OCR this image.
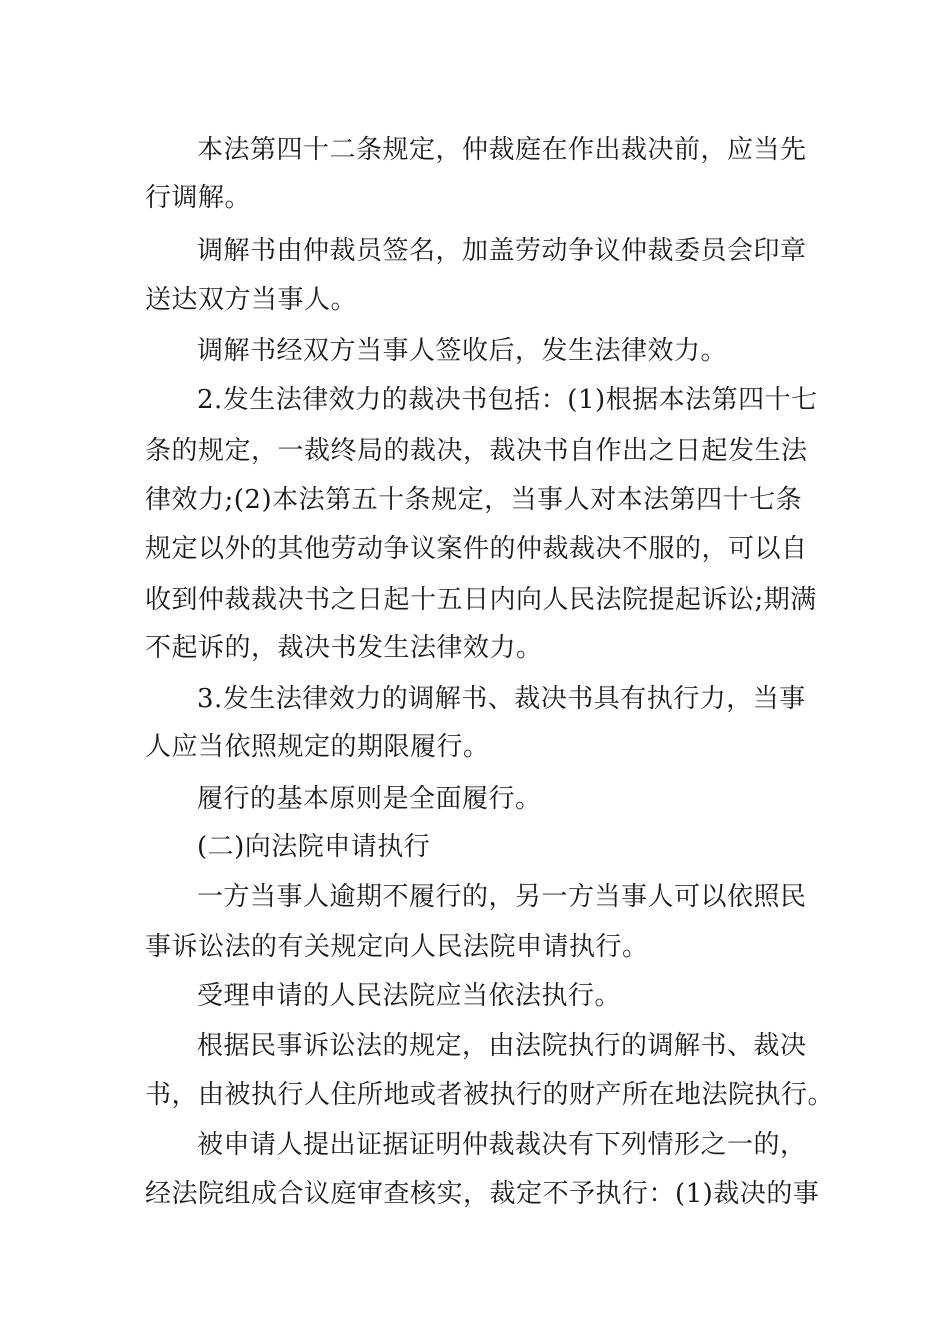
本法第四十二条规定，仲裁庭在作出裁决前，应当先
行调解。
调解书由仲裁员签名，加盖劳动争议仲裁委员会印章
送达双方当事人。
调解书经双方当事人签收后，发生法律效力。
2.发生法律效力的裁决书包括：(1)根据本法第四十七
条的规定，一裁终局的裁决，裁决书自作出之日起发生法
律效力;(2)本法第五十条规定，当事人对本法第四十七条
规定以外的其他劳动争议案件的仲裁裁决不服的，可以自
收到仲裁裁决书之日起十五日内向人民法院提起诉讼;期满
不起诉的，裁决书发生法律效力。
3.发生法律效力的调解书、裁决书具有执行力，当事
人应当依照规定的期限履行。
履行的基本原则是全面履行。
(二)向法院申请执行
一方当事人逾期不履行的，另一方当事人可以依照民
事诉讼法的有关规定向人民法院申请执行。
受理申请的人民法院应当依法执行。
根据民事诉讼法的规定，由法院执行的调解书、裁决
书，由被执行人住所地或者被执行的财产所在地法院执行。
被申请人提出证据证明仲裁裁决有下列情形之一的，
经法院组成合议庭审查核实，裁定不予执行：(1)裁决的事
